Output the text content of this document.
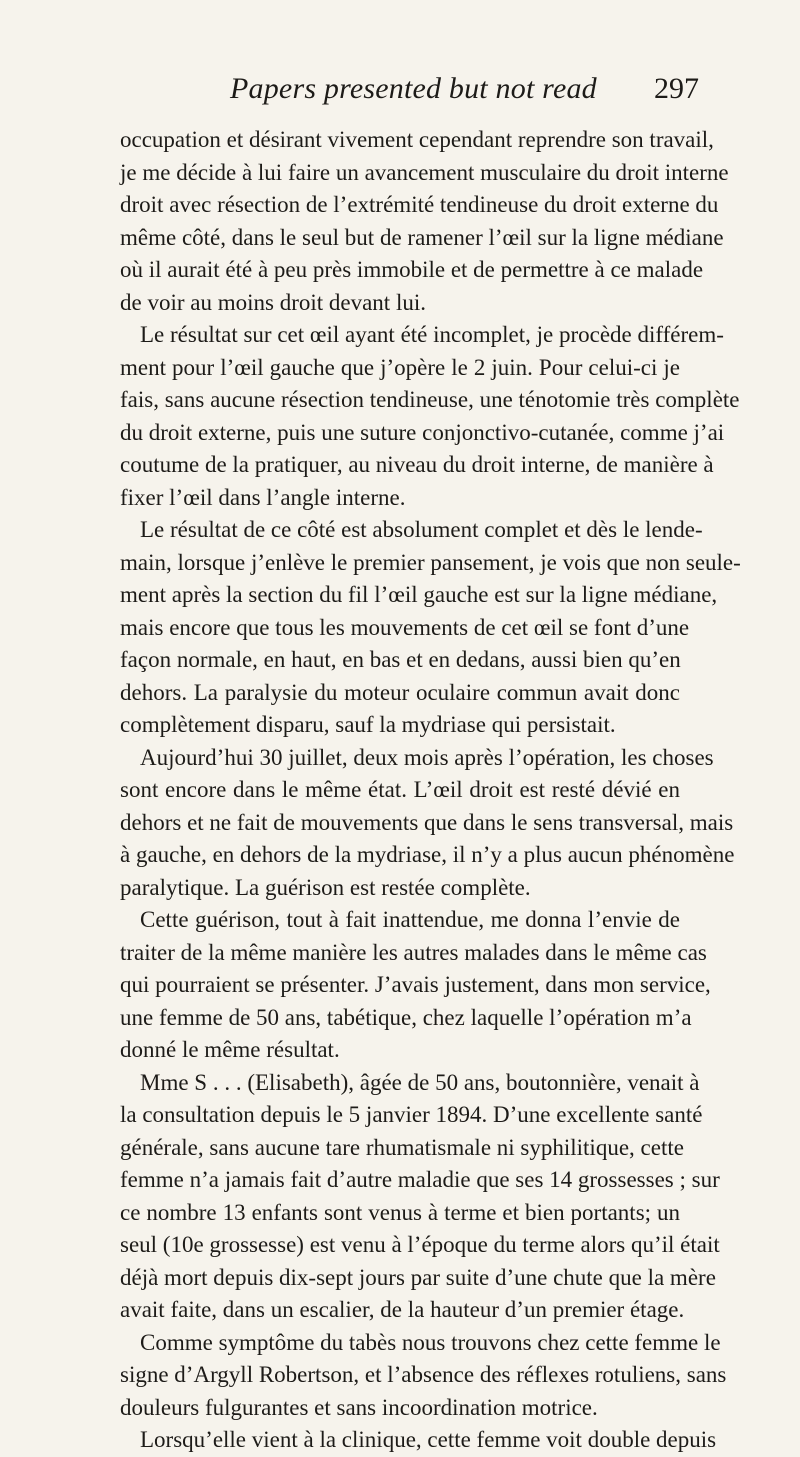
Papers presented but not read 297
occupation et désirant vivement cependant reprendre son travail,
je me décide à lui faire un avancement musculaire du droit interne
droit avec résection de l’extrémité tendineuse du droit externe du
même côté, dans le seul but de ramener l’œil sur la ligne médiane
où il aurait été à peu près immobile et de permettre à ce malade
de voir au moins droit devant lui.
Le résultat sur cet œil ayant été incomplet, je procède différem-
ment pour l’œil gauche que j’opère le 2 juin. Pour celui-ci je
fais, sans aucune résection tendineuse, une ténotomie très complète
du droit externe, puis une suture conjonctivo-cutanée, comme j’ai
coutume de la pratiquer, au niveau du droit interne, de manière à
fixer l’œil dans l’angle interne.
Le résultat de ce côté est absolument complet et dès le lende-
main, lorsque j’enlève le premier pansement, je vois que non seule-
ment après la section du fil l’œil gauche est sur la ligne médiane,
mais encore que tous les mouvements de cet œil se font d’une
façon normale, en haut, en bas et en dedans, aussi bien qu’en
dehors. La paralysie du moteur oculaire commun avait donc
complètement disparu, sauf la mydriase qui persistait.
Aujourd’hui 30 juillet, deux mois après l’opération, les choses
sont encore dans le même état. L’œil droit est resté dévié en
dehors et ne fait de mouvements que dans le sens transversal, mais
à gauche, en dehors de la mydriase, il n’y a plus aucun phénomène
paralytique. La guérison est restée complète.
Cette guérison, tout à fait inattendue, me donna l’envie de
traiter de la même manière les autres malades dans le même cas
qui pourraient se présenter. J’avais justement, dans mon service,
une femme de 50 ans, tabétique, chez laquelle l’opération m’a
donné le même résultat.
Mme S . . . (Elisabeth), âgée de 50 ans, boutonnière, venait à
la consultation depuis le 5 janvier 1894. D’une excellente santé
générale, sans aucune tare rhumatismale ni syphilitique, cette
femme n’a jamais fait d’autre maladie que ses 14 grossesses ; sur
ce nombre 13 enfants sont venus à terme et bien portants; un
seul (10e grossesse) est venu à l’époque du terme alors qu’il était
déjà mort depuis dix-sept jours par suite d’une chute que la mère
avait faite, dans un escalier, de la hauteur d’un premier étage.
Comme symptôme du tabès nous trouvons chez cette femme le
signe d’Argyll Robertson, et l’absence des réflexes rotuliens, sans
douleurs fulgurantes et sans incoordination motrice.
Lorsqu’elle vient à la clinique, cette femme voit double depuis
